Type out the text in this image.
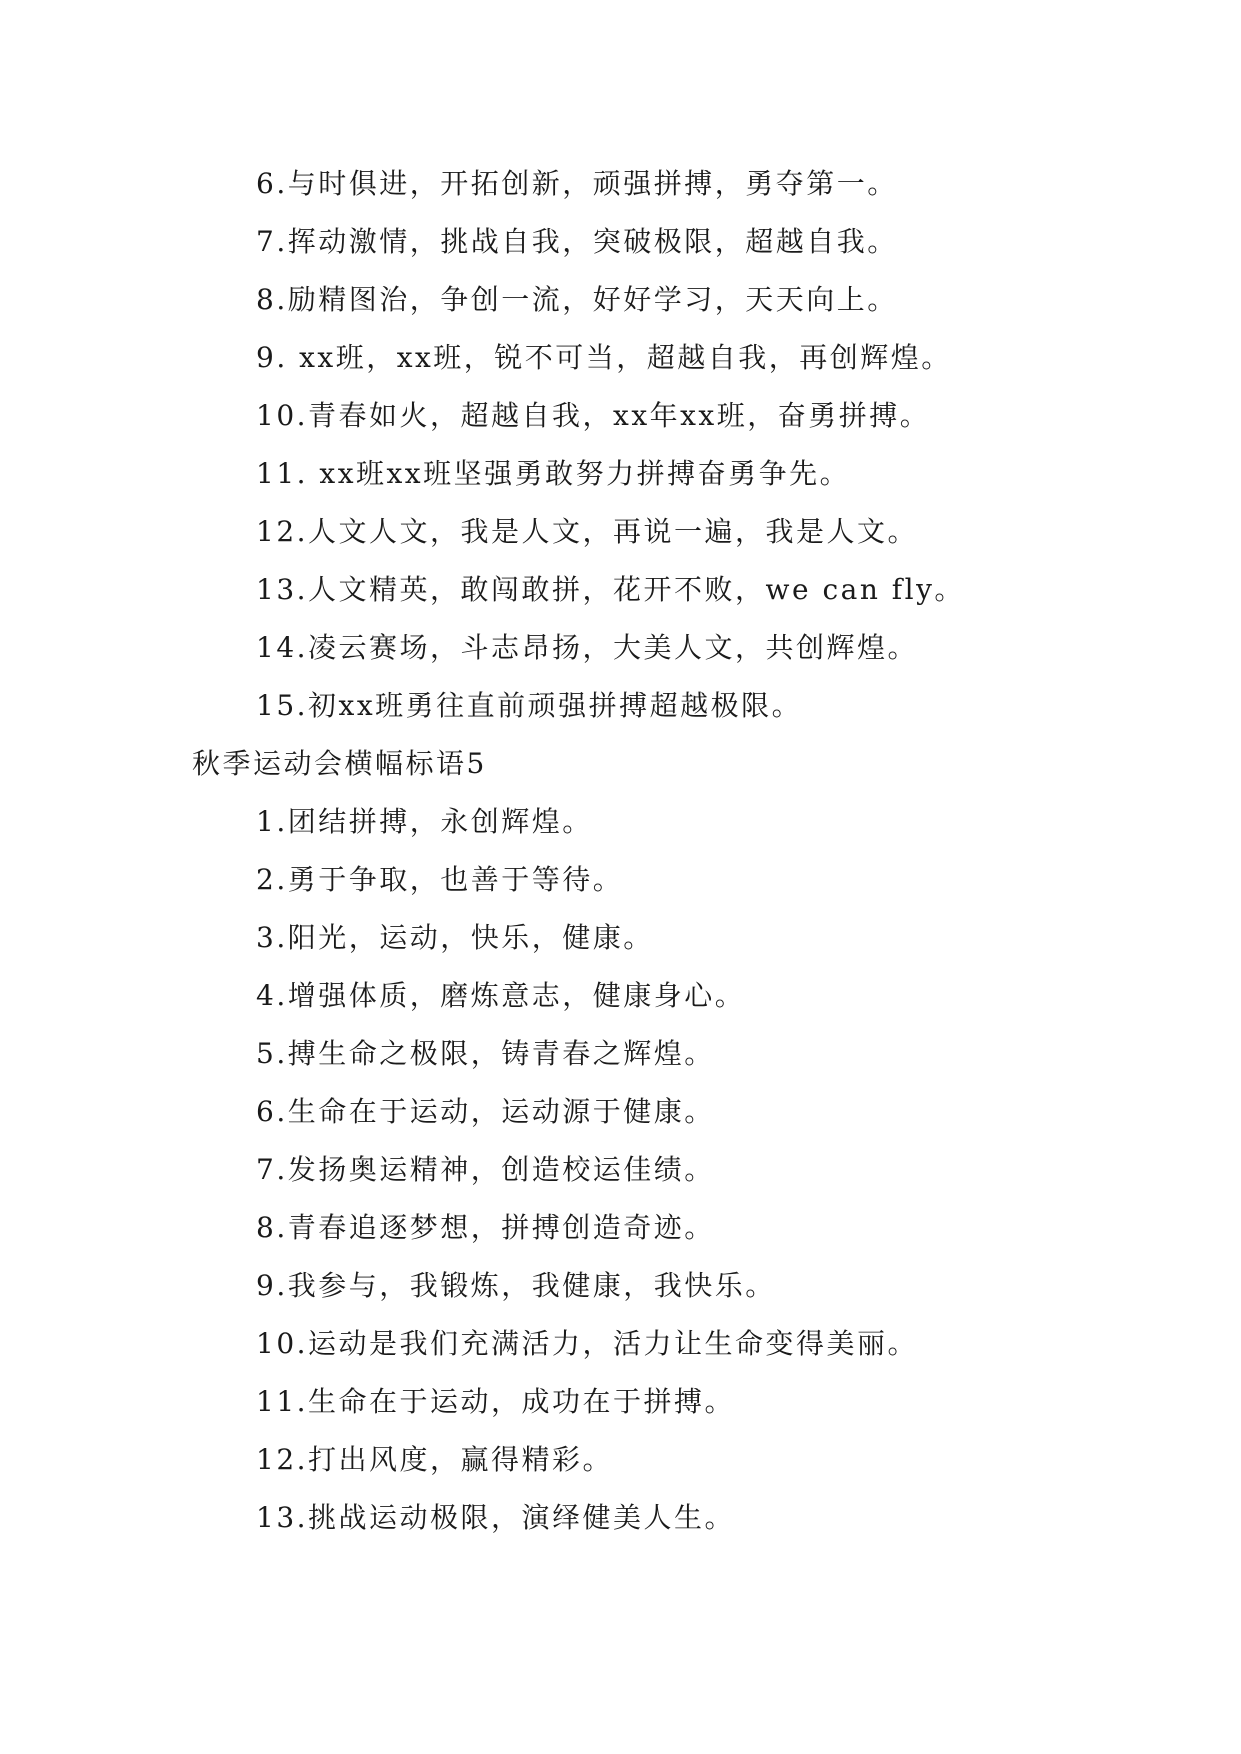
6.与时俱进，开拓创新，顽强拼搏，勇夺第一。
7.挥动激情，挑战自我，突破极限，超越自我。
8.励精图治，争创一流，好好学习，天天向上。
9. xx班，xx班，锐不可当，超越自我，再创辉煌。
10.青春如火，超越自我，xx年xx班，奋勇拼搏。
11. xx班xx班坚强勇敢努力拼搏奋勇争先。
12.人文人文，我是人文，再说一遍，我是人文。
13.人文精英，敢闯敢拼，花开不败，we can fly。
14.凌云赛场，斗志昂扬，大美人文，共创辉煌。
15.初xx班勇往直前顽强拼搏超越极限。
秋季运动会横幅标语5
1.团结拼搏，永创辉煌。
2.勇于争取，也善于等待。
3.阳光，运动，快乐，健康。
4.增强体质，磨炼意志，健康身心。
5.搏生命之极限，铸青春之辉煌。
6.生命在于运动，运动源于健康。
7.发扬奥运精神，创造校运佳绩。
8.青春追逐梦想，拼搏创造奇迹。
9.我参与，我锻炼，我健康，我快乐。
10.运动是我们充满活力，活力让生命变得美丽。
11.生命在于运动，成功在于拼搏。
12.打出风度，赢得精彩。
13.挑战运动极限，演绎健美人生。
